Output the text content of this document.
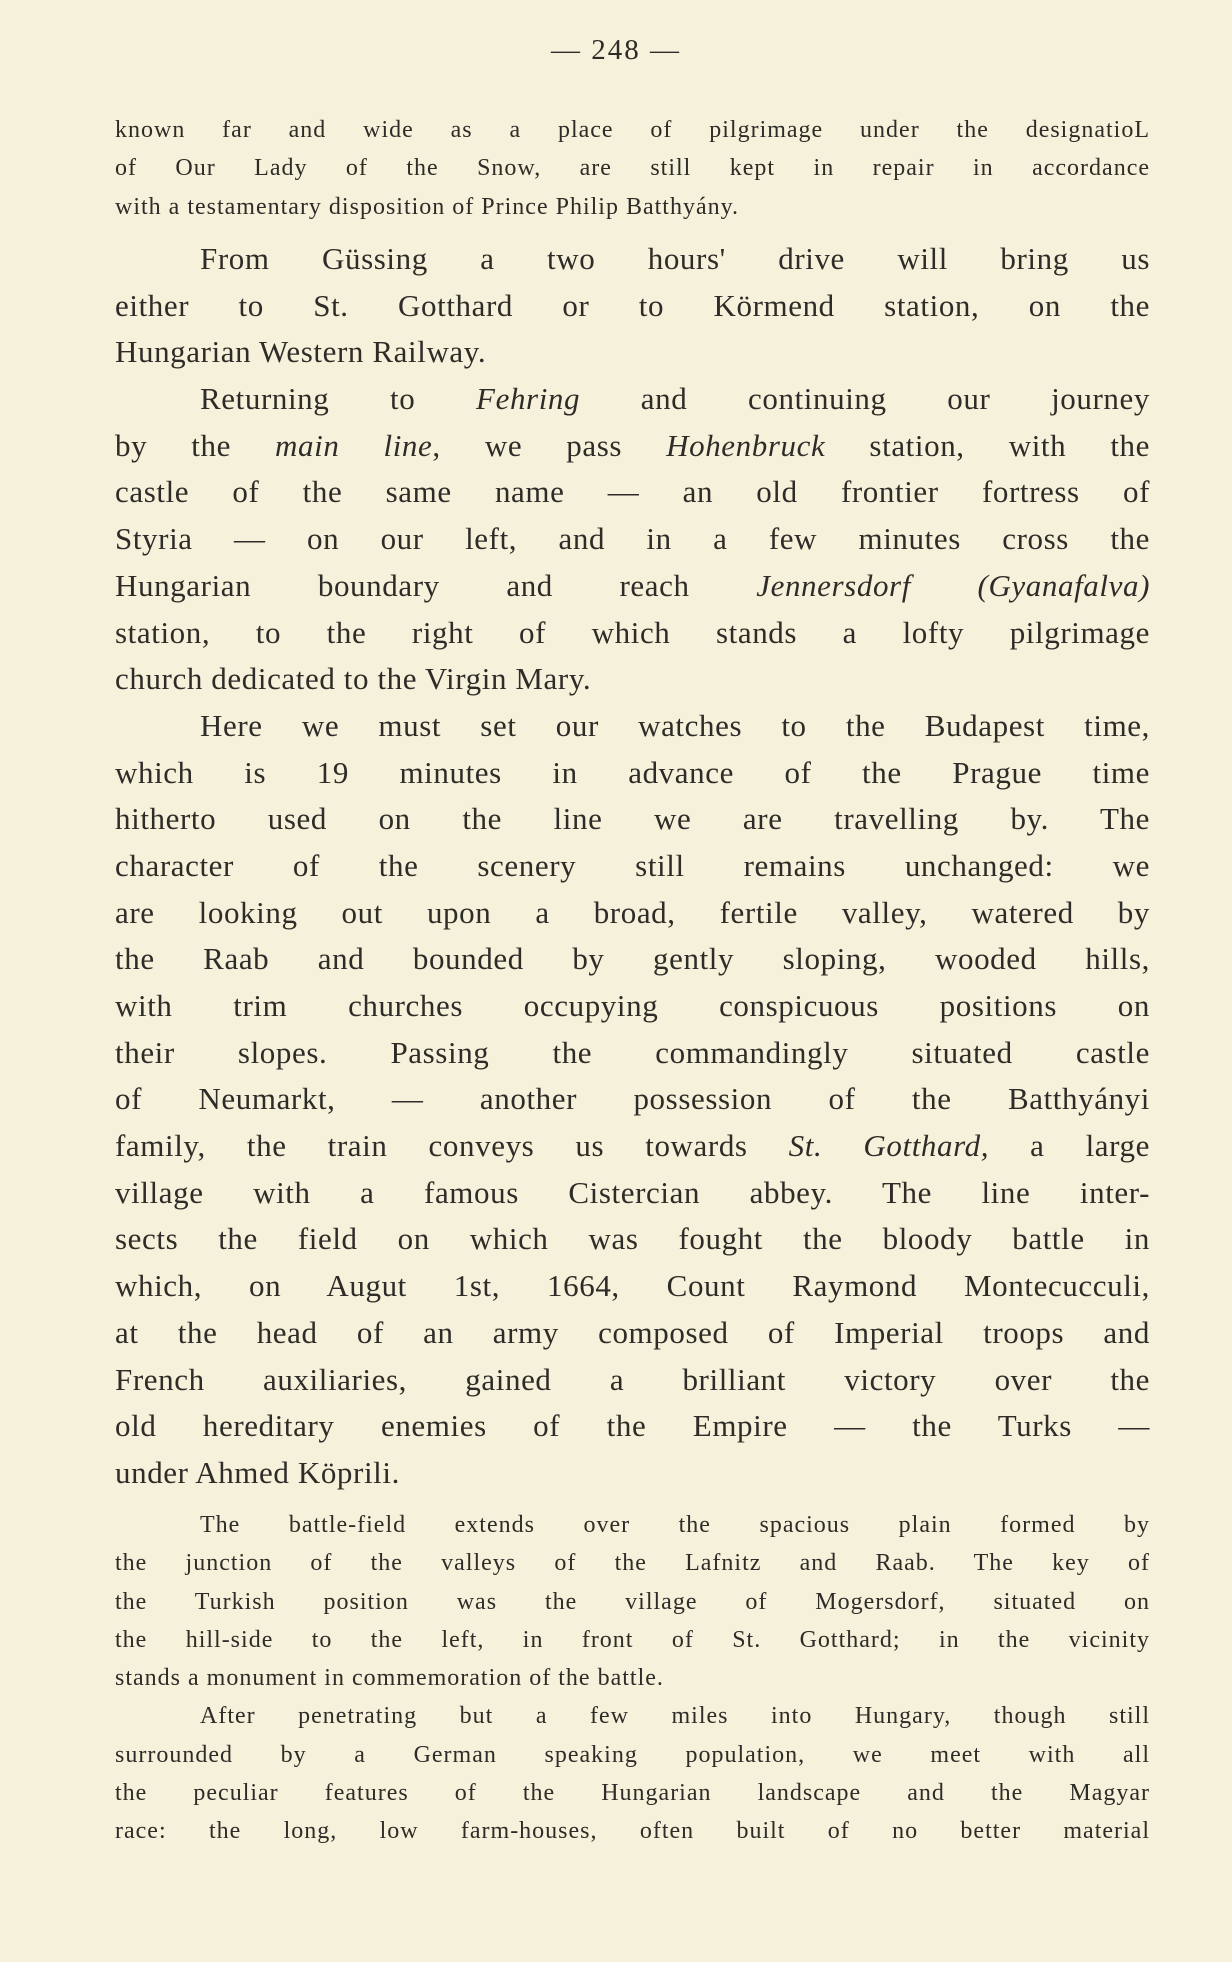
— 248 —
known far and wide as a place of pilgrimage under the designatioL
of Our Lady of the Snow, are still kept in repair in accordance
with a testamentary disposition of Prince Philip Batthyány.
From Güssing a two hours' drive will bring us
either to St. Gotthard or to Körmend station, on the
Hungarian Western Railway.
Returning to Fehring and continuing our journey
by the main line, we pass Hohenbruck station, with the
castle of the same name — an old frontier fortress of
Styria — on our left, and in a few minutes cross the
Hungarian boundary and reach Jennersdorf (Gyanafalva)
station, to the right of which stands a lofty pilgrimage
church dedicated to the Virgin Mary.
Here we must set our watches to the Budapest time,
which is 19 minutes in advance of the Prague time
hitherto used on the line we are travelling by. The
character of the scenery still remains unchanged: we
are looking out upon a broad, fertile valley, watered by
the Raab and bounded by gently sloping, wooded hills,
with trim churches occupying conspicuous positions on
their slopes. Passing the commandingly situated castle
of Neumarkt, — another possession of the Batthyányi
family, the train conveys us towards St. Gotthard, a large
village with a famous Cistercian abbey. The line inter-
sects the field on which was fought the bloody battle in
which, on Augut 1st, 1664, Count Raymond Montecucculi,
at the head of an army composed of Imperial troops and
French auxiliaries, gained a brilliant victory over the
old hereditary enemies of the Empire — the Turks —
under Ahmed Köprili.
The battle-field extends over the spacious plain formed by
the junction of the valleys of the Lafnitz and Raab. The key of
the Turkish position was the village of Mogersdorf, situated on
the hill-side to the left, in front of St. Gotthard; in the vicinity
stands a monument in commemoration of the battle.
After penetrating but a few miles into Hungary, though still
surrounded by a German speaking population, we meet with all
the peculiar features of the Hungarian landscape and the Magyar
race: the long, low farm-houses, often built of no better material
